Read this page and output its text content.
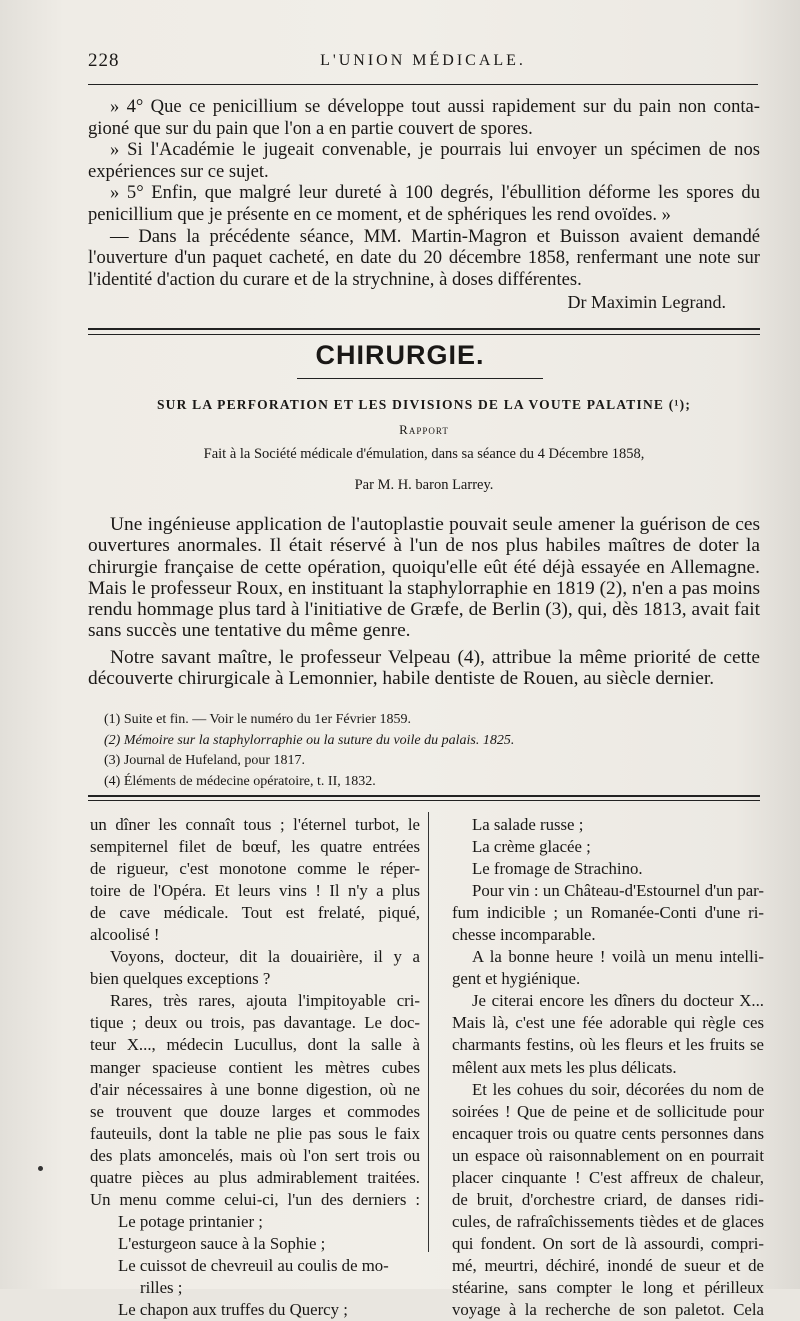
228	L'UNION MÉDICALE.

» 4° Que ce penicillium se développe tout aussi rapidement sur du pain non conta- gioné que sur du pain que l'on a en partie couvert de spores.

» Si l'Académie le jugeait convenable, je pourrais lui envoyer un spécimen de nos expériences sur ce sujet.

» 5° Enfin, que malgré leur dureté à 100 degrés, l'ébullition déforme les spores du penicillium que je présente en ce moment, et de sphériques les rend ovoïdes. »

— Dans la précédente séance, MM. Martin-Magron et Buisson avaient demandé l'ouverture d'un paquet cacheté, en date du 20 décembre 1858, renfermant une note sur l'identité d'action du curare et de la strychnine, à doses différentes.

Dr Maximin Legrand.
CHIRURGIE.
SUR LA PERFORATION ET LES DIVISIONS DE LA VOUTE PALATINE (¹);
Rapport
Fait à la Société médicale d'émulation, dans sa séance du 4 Décembre 1858,
Par M. H. baron Larrey.

Une ingénieuse application de l'autoplastie pouvait seule amener la guérison de ces ouvertures anormales. Il était réservé à l'un de nos plus habiles maîtres de doter la chirurgie française de cette opération, quoiqu'elle eût été déjà essayée en Allemagne. Mais le professeur Roux, en instituant la staphylorraphie en 1819 (2), n'en a pas moins rendu hommage plus tard à l'initiative de Græfe, de Berlin (3), qui, dès 1813, avait fait sans succès une tentative du même genre.

Notre savant maître, le professeur Velpeau (4), attribue la même priorité de cette découverte chirurgicale à Lemonnier, habile dentiste de Rouen, au siècle dernier.

(1) Suite et fin. — Voir le numéro du 1er Février 1859.
(2) Mémoire sur la staphylorraphie ou la suture du voile du palais. 1825.
(3) Journal de Hufeland, pour 1817.
(4) Éléments de médecine opératoire, t. II, 1832.
un dîner les connaît tous ; l'éternel turbot, le
sempiternel filet de bœuf, les quatre entrées
de rigueur, c'est monotone comme le réper-
toire de l'Opéra. Et leurs vins ! Il n'y a plus
de cave médicale. Tout est frelaté, piqué,
alcoolisé !
Voyons, docteur, dit la douairière, il y a
bien quelques exceptions ?
Rares, très rares, ajouta l'impitoyable cri-
tique ; deux ou trois, pas davantage. Le doc-
teur X..., médecin Lucullus, dont la salle à
manger spacieuse contient les mètres cubes
d'air nécessaires à une bonne digestion, où ne
se trouvent que douze larges et commodes
fauteuils, dont la table ne plie pas sous le faix
des plats amoncelés, mais où l'on sert trois ou
quatre pièces au plus admirablement traitées.
Un menu comme celui-ci, l'un des derniers :
Le potage printanier ;
L'esturgeon sauce à la Sophie ;
Le cuissot de chevreuil au coulis de mo-
rilles ;
Le chapon aux truffes du Quercy ;
La salade russe ;
La crème glacée ;
Le fromage de Strachino.
Pour vin : un Château-d'Estournel d'un par-
fum indicible ; un Romanée-Conti d'une ri-
chesse incomparable.
A la bonne heure ! voilà un menu intelli-
gent et hygiénique.
Je citerai encore les dîners du docteur X...
Mais là, c'est une fée adorable qui règle ces
charmants festins, où les fleurs et les fruits se
mêlent aux mets les plus délicats.
Et les cohues du soir, décorées du nom de
soirées ! Que de peine et de sollicitude pour
encaquer trois ou quatre cents personnes dans
un espace où raisonnablement on en pourrait
placer cinquante ! C'est affreux de chaleur,
de bruit, d'orchestre criard, de danses ridi-
cules, de rafraîchissements tièdes et de glaces
qui fondent. On sort de là assourdi, compri-
mé, meurtri, déchiré, inondé de sueur et de
stéarine, sans compter le long et périlleux
voyage à la recherche de son paletot. Cela
